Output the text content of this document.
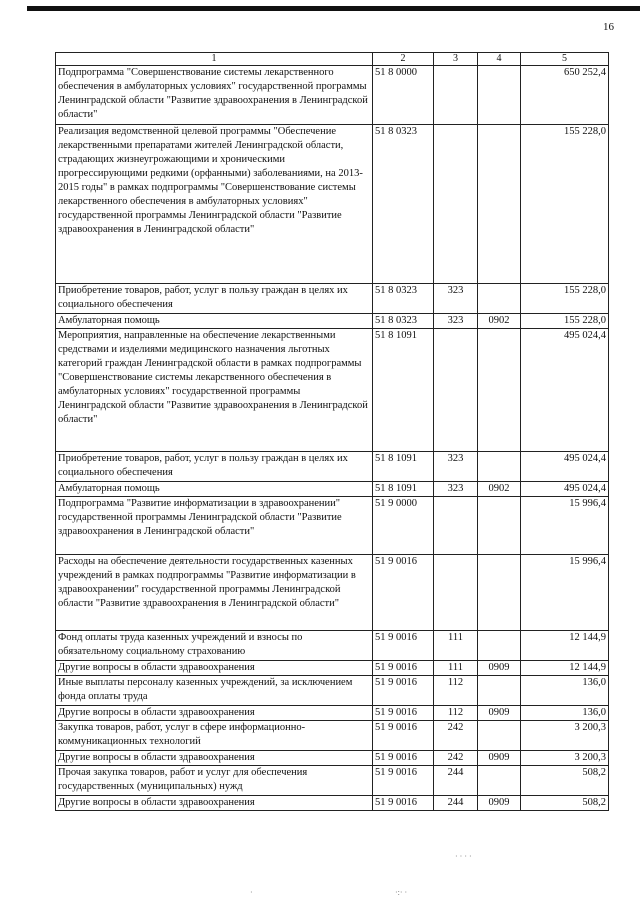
16
1	2	3	4	5
Подпрограмма "Совершенствование системы лекарственного обеспечения в амбулаторных условиях" государственной программы Ленинградской области "Развитие здравоохранения в Ленинградской области"	51 8 0000			650 252,4
Реализация ведомственной целевой программы "Обеспечение лекарственными препаратами жителей Ленинградской области, страдающих жизнеугрожающими и хроническими прогрессирующими редкими (орфанными) заболеваниями, на 2013-2015 годы" в рамках подпрограммы "Совершенствование системы лекарственного обеспечения в амбулаторных условиях" государственной программы Ленинградской области "Развитие здравоохранения в Ленинградской области"	51 8 0323			155 228,0
Приобретение товаров, работ, услуг в пользу граждан в целях их социального обеспечения	51 8 0323	323		155 228,0
Амбулаторная помощь	51 8 0323	323	0902	155 228,0
Мероприятия, направленные на обеспечение лекарственными средствами и изделиями медицинского назначения льготных категорий граждан Ленинградской области в рамках подпрограммы "Совершенствование системы лекарственного обеспечения в амбулаторных условиях" государственной программы Ленинградской области "Развитие здравоохранения в Ленинградской области"	51 8 1091			495 024,4
Приобретение товаров, работ, услуг в пользу граждан в целях их социального обеспечения	51 8 1091	323		495 024,4
Амбулаторная помощь	51 8 1091	323	0902	495 024,4
Подпрограмма "Развитие информатизации в здравоохранении" государственной программы Ленинградской области "Развитие здравоохранения в Ленинградской области"	51 9 0000			15 996,4
Расходы на обеспечение деятельности государственных казенных учреждений в рамках подпрограммы "Развитие информатизации в здравоохранении" государственной программы Ленинградской области "Развитие здравоохранения в Ленинградской области"	51 9 0016			15 996,4
Фонд оплаты труда казенных учреждений и взносы по обязательному социальному страхованию	51 9 0016	111		12 144,9
Другие вопросы в области здравоохранения	51 9 0016	111	0909	12 144,9
Иные выплаты персоналу казенных учреждений, за исключением фонда оплаты труда	51 9 0016	112		136,0
Другие вопросы в области здравоохранения	51 9 0016	112	0909	136,0
Закупка товаров, работ, услуг в сфере информационно-коммуникационных технологий	51 9 0016	242		3 200,3
Другие вопросы в области здравоохранения	51 9 0016	242	0909	3 200,3
Прочая закупка товаров, работ и услуг для обеспечения государственных (муниципальных) нужд	51 9 0016	244		508,2
Другие вопросы в области здравоохранения	51 9 0016	244	0909	508,2
· · · ·
·	·:· ·
